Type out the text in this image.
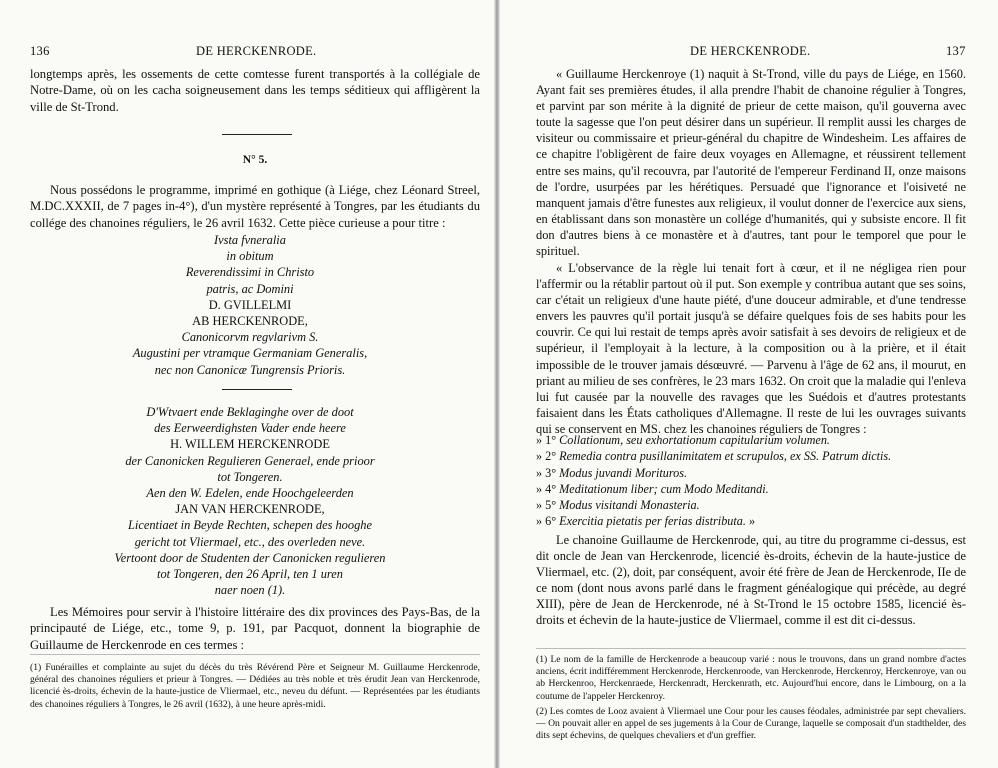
136	DE HERCKENRODE.
longtemps après, les ossements de cette comtesse furent transportés à la collégiale de Notre-Dame, où on les cacha soigneusement dans les temps séditieux qui affligèrent la ville de St-Trond.
N° 5.
Nous possédons le programme, imprimé en gothique (à Liége, chez Léonard Streel, M.DC.XXXII, de 7 pages in-4°), d'un mystère représenté à Tongres, par les étudiants du collége des chanoines réguliers, le 26 avril 1632. Cette pièce curieuse a pour titre :
Ivsta fvneralia
in obitum
Reverendissimi in Christo
patris, ac Domini
D. GVILLELMI
AB HERCKENRODE,
Canonicorvm regvlarivm S.
Augustini per vtramque Germaniam Generalis,
nec non Canonicæ Tungrensis Prioris.
D'Wtvaert ende Beklaginghe over de doot
des Eerweerdighsten Vader ende heere
H. WILLEM HERCKENRODE
der Canonicken Regulieren Generael, ende prioor
tot Tongeren.
Aen den W. Edelen, ende Hoochgeleerden
JAN VAN HERCKENRODE,
Licentiaet in Beyde Rechten, schepen des hooghe
gericht tot Vliermael, etc., des overleden neve.
Vertoont door de Studenten der Canonicken regulieren
tot Tongeren, den 26 April, ten 1 uren
naer noen (1).
Les Mémoires pour servir à l'histoire littéraire des dix provinces des Pays-Bas, de la principauté de Liége, etc., tome 9, p. 191, par Pacquot, donnent la biographie de Guillaume de Herckenrode en ces termes :
(1) Funérailles et complainte au sujet du décès du très Révérend Père et Seigneur M. Guillaume Herckenrode, général des chanoines réguliers et prieur à Tongres. — Dédiées au très noble et très érudit Jean van Herckenrode, licencié ès-droits, échevin de la haute-justice de Vliermael, etc., neveu du défunt. — Représentées par les étudiants des chanoines réguliers à Tongres, le 26 avril (1632), à une heure après-midi.
DE HERCKENRODE.	137
« Guillaume Herckenroye (1) naquit à St-Trond, ville du pays de Liége, en 1560. Ayant fait ses premières études, il alla prendre l'habit de chanoine régulier à Tongres, et parvint par son mérite à la dignité de prieur de cette maison, qu'il gouverna avec toute la sagesse que l'on peut désirer dans un supérieur. Il remplit aussi les charges de visiteur ou commissaire et prieur-général du chapitre de Windesheim. Les affaires de ce chapitre l'obligèrent de faire deux voyages en Allemagne, et réussirent tellement entre ses mains, qu'il recouvra, par l'autorité de l'empereur Ferdinand II, onze maisons de l'ordre, usurpées par les hérétiques. Persuadé que l'ignorance et l'oisiveté ne manquent jamais d'être funestes aux religieux, il voulut donner de l'exercice aux siens, en établissant dans son monastère un collége d'humanités, qui y subsiste encore. Il fit don d'autres biens à ce monastère et à d'autres, tant pour le temporel que pour le spirituel.
« L'observance de la règle lui tenait fort à cœur, et il ne négligea rien pour l'affermir ou la rétablir partout où il put. Son exemple y contribua autant que ses soins, car c'était un religieux d'une haute piété, d'une douceur admirable, et d'une tendresse envers les pauvres qu'il portait jusqu'à se défaire quelques fois de ses habits pour les couvrir. Ce qui lui restait de temps après avoir satisfait à ses devoirs de religieux et de supérieur, il l'employait à la lecture, à la composition ou à la prière, et il était impossible de le trouver jamais désœuvré. — Parvenu à l'âge de 62 ans, il mourut, en priant au milieu de ses confrères, le 23 mars 1632. On croit que la maladie qui l'enleva lui fut causée par la nouvelle des ravages que les Suédois et d'autres protestants faisaient dans les États catholiques d'Allemagne. Il reste de lui les ouvrages suivants qui se conservent en MS. chez les chanoines réguliers de Tongres :
» 1° Collationum, seu exhortationum capitularium volumen.
» 2° Remedia contra pusillanimitatem et scrupulos, ex SS. Patrum dictis.
» 3° Modus juvandi Morituros.
» 4° Meditationum liber; cum Modo Meditandi.
» 5° Modus visitandi Monasteria.
» 6° Exercitia pietatis per ferias distributa. »
Le chanoine Guillaume de Herckenrode, qui, au titre du programme ci-dessus, est dit oncle de Jean van Herckenrode, licencié ès-droits, échevin de la haute-justice de Vliermael, etc. (2), doit, par conséquent, avoir été frère de Jean de Herckenrode, IIe de ce nom (dont nous avons parlé dans le fragment généalogique qui précède, au degré XIII), père de Jean de Herckenrode, né à St-Trond le 15 octobre 1585, licencié ès-droits et échevin de la haute-justice de Vliermael, comme il est dit ci-dessus.
(1) Le nom de la famille de Herckenrode a beaucoup varié : nous le trouvons, dans un grand nombre d'actes anciens, écrit indifféremment Herckenrode, Herckenroode, van Herckenrode, Herckenroy, Herckenroye, van ou ab Herckenroo, Herckenraede, Herckenradt, Herckenrath, etc. Aujourd'hui encore, dans le Limbourg, on a la coutume de l'appeler Herckenroy.
(2) Les comtes de Looz avaient à Vliermael une Cour pour les causes féodales, administrée par sept chevaliers. — On pouvait aller en appel de ses jugements à la Cour de Curange, laquelle se composait d'un stadthelder, des dits sept échevins, de quelques chevaliers et d'un greffier.
